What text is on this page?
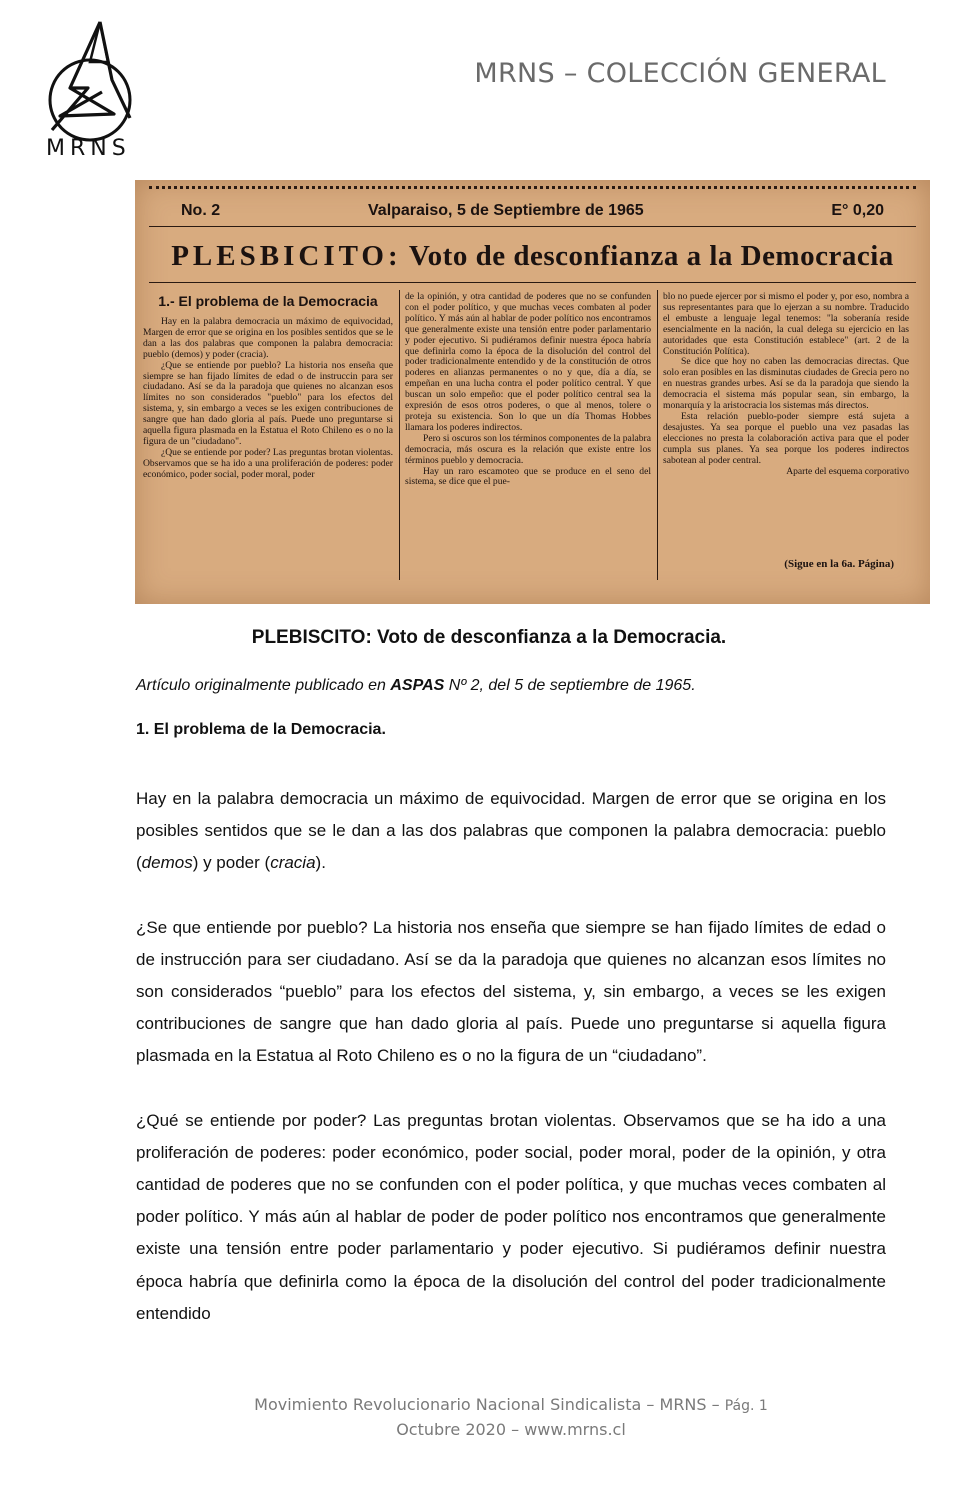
MRNS
MRNS – COLECCIÓN GENERAL
No. 2	Valparaiso, 5 de Septiembre de 1965	E° 0,20
PLESBICITO: Voto de desconfianza a la Democracia
1.- El problema de la Democracia

Hay en la palabra democracia un máximo de equivocidad, Margen de error que se origina en los posibles sentidos que se le dan a las dos palabras que componen la palabra democracia: pueblo (demos) y poder (cracia).

¿Que se entiende por pueblo? La historia nos enseña que siempre se han fijado límites de edad o de instruccin para ser ciudadano. Así se da la paradoja que quienes no alcanzan esos límites no son considerados "pueblo" para los efectos del sistema, y, sin embargo a veces se les exigen contribuciones de sangre que han dado gloria al país. Puede uno preguntarse si aquella figura plasmada en la Estatua el Roto Chileno es o no la figura de un "ciudadano".

¿Que se entiende por poder? Las preguntas brotan violentas. Observamos que se ha ido a una proliferación de poderes: poder económico, poder social, poder moral, poder

de la opinión, y otra cantidad de poderes que no se confunden con el poder político, y que muchas veces combaten al poder político. Y más aún al hablar de poder político nos encontramos que generalmente existe una tensión entre poder parlamentario y poder ejecutivo. Si pudiéramos definir nuestra época habría que definirla como la época de la disolución del control del poder tradicionalmente entendido y de la constitución de otros poderes en alianzas permanentes o no y que, día a día, se empeñan en una lucha contra el poder político central. Y que buscan un solo empeño: que el poder político central sea la expresión de esos otros poderes, o que al menos, tolere o proteja su existencia. Son lo que un día Thomas Hobbes llamara los poderes indirectos.

Pero si oscuros son los términos componentes de la palabra democracia, más oscura es la relación que existe entre los términos pueblo y democracia.

Hay un raro escamoteo que se produce en el seno del sistema, se dice que el pue-

blo no puede ejercer por si mismo el poder y, por eso, nombra a sus representantes para que lo ejerzan a su nombre. Traducido el embuste a lenguaje legal tenemos: "la soberanía reside esencialmente en la nación, la cual delega su ejercicio en las autoridades que esta Constitución establece" (art. 2 de la Constitución Política).

Se dice que hoy no caben las democracias directas. Que solo eran posibles en las disminutas ciudades de Grecia pero no en nuestras grandes urbes. Así se da la paradoja que siendo la democracia el sistema más popular sean, sin embargo, la monarquía y la aristocracia los sistemas más directos.

Esta relación pueblo-poder siempre está sujeta a desajustes. Ya sea porque el pueblo una vez pasadas las elecciones no presta la colaboración activa para que el poder cumpla sus planes. Ya sea porque los poderes indirectos sabotean al poder central.

Aparte del esquema corporativo

(Sigue en la 6a. Página)
PLEBISCITO: Voto de desconfianza a la Democracia.
Artículo originalmente publicado en ASPAS Nº 2, del 5 de septiembre de 1965.
1. El problema de la Democracia.

Hay en la palabra democracia un máximo de equivocidad. Margen de error que se origina en los posibles sentidos que se le dan a las dos palabras que componen la palabra democracia: pueblo (demos) y poder (cracia).

¿Se que entiende por pueblo? La historia nos enseña que siempre se han fijado límites de edad o de instrucción para ser ciudadano. Así se da la paradoja que quienes no alcanzan esos límites no son considerados “pueblo” para los efectos del sistema, y, sin embargo, a veces se les exigen contribuciones de sangre que han dado gloria al país. Puede uno preguntarse si aquella figura plasmada en la Estatua al Roto Chileno es o no la figura de un “ciudadano”.

¿Qué se entiende por poder? Las preguntas brotan violentas. Observamos que se ha ido a una proliferación de poderes: poder económico, poder social, poder moral, poder de la opinión, y otra cantidad de poderes que no se confunden con el poder política, y que muchas veces combaten al poder político. Y más aún al hablar de poder de poder político nos encontramos que generalmente existe una tensión entre poder parlamentario y poder ejecutivo. Si pudiéramos definir nuestra época habría que definirla como la época de la disolución del control del poder tradicionalmente entendido

Movimiento Revolucionario Nacional Sindicalista – MRNS – Pág. 1
Octubre 2020 – www.mrns.cl
